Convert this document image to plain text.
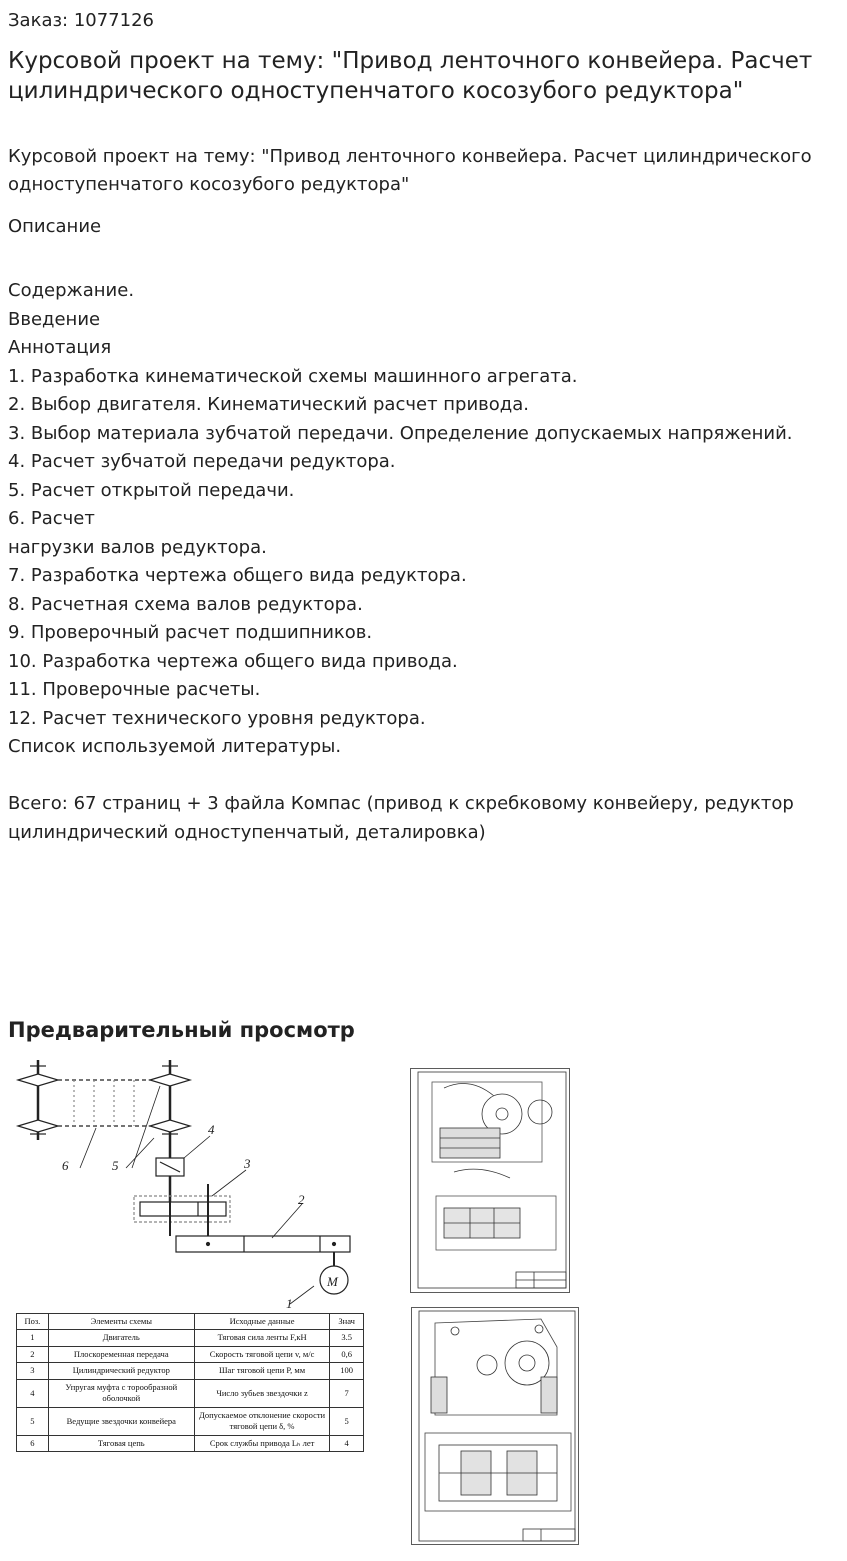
Заказ: 1077126

Курсовой проект на тему: "Привод ленточного конвейера. Расчет цилиндрического одноступенчатого косозубого редуктора"

Курсовой проект на тему: "Привод ленточного конвейера. Расчет цилиндрического одноступенчатого косозубого редуктора"

Описание
Содержание.
Введение
Аннотация
1. Разработка кинематической схемы машинного агрегата.
2. Выбор двигателя. Кинематический расчет привода.
3. Выбор материала зубчатой передачи. Определение допускаемых напряжений.
4. Расчет зубчатой передачи редуктора.
5. Расчет открытой передачи.
6. Расчет
нагрузки валов редуктора.
7. Разработка чертежа общего вида редуктора.
8. Расчетная схема валов редуктора.
9. Проверочный расчет подшипников.
10. Разработка чертежа общего вида привода.
11. Проверочные расчеты.
12. Расчет технического уровня редуктора.
Список используемой литературы.

Всего: 67 страниц + 3 файла Компас (привод к скребковому конвейеру, редуктор цилиндрический одноступенчатый, деталировка)
Предварительный просмотр
6	5
4
3
2
1
M
Поз.	Элементы схемы	Исходные данные	Знач
1	Двигатель	Тяговая сила ленты F,кН	3.5
2	Плоскоременная передача	Скорость тяговой цепи v, м/с	0,6
3	Цилиндрический редуктор	Шаг тяговой цепи P, мм	100
4	Упругая муфта с торообразной оболочкой	Число зубьев звездочки z	7
5	Ведущие звездочки конвейера	Допускаемое отклонение скорости тяговой цепи δ, %	5
6	Тяговая цепь	Срок службы привода Lₕ лет	4
